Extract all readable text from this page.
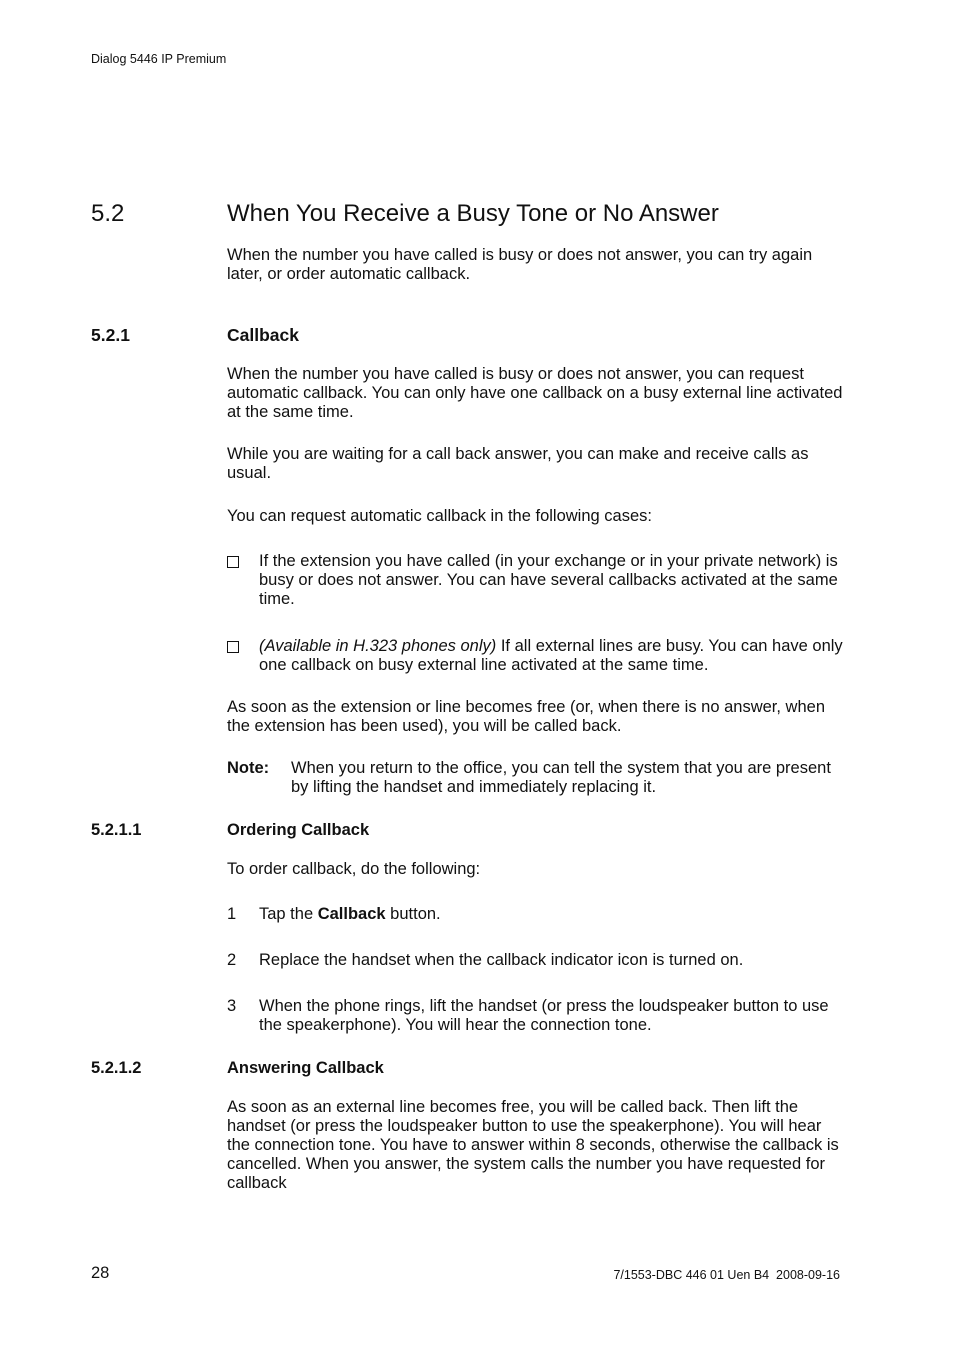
Dialog 5446 IP Premium
5.2	When You Receive a Busy Tone or No Answer
When the number you have called is busy or does not answer, you can try again later, or order automatic callback.
5.2.1	Callback
When the number you have called is busy or does not answer, you can request automatic callback. You can only have one callback on a busy external line activated at the same time.
While you are waiting for a call back answer, you can make and receive calls as usual.
You can request automatic callback in the following cases:
If the extension you have called (in your exchange or in your private network) is busy or does not answer. You can have several callbacks activated at the same time.
(Available in H.323 phones only) If all external lines are busy. You can have only one callback on busy external line activated at the same time.
As soon as the extension or line becomes free (or, when there is no answer, when the extension has been used), you will be called back.
Note: When you return to the office, you can tell the system that you are present by lifting the handset and immediately replacing it.
5.2.1.1	Ordering Callback
To order callback, do the following:
1 Tap the Callback button.
2 Replace the handset when the callback indicator icon is turned on.
3 When the phone rings, lift the handset (or press the loudspeaker button to use the speakerphone). You will hear the connection tone.
5.2.1.2	Answering Callback
As soon as an external line becomes free, you will be called back. Then lift the handset (or press the loudspeaker button to use the speakerphone). You will hear the connection tone. You have to answer within 8 seconds, otherwise the callback is cancelled. When you answer, the system calls the number you have requested for callback
28	7/1553-DBC 446 01 Uen B4  2008-09-16
